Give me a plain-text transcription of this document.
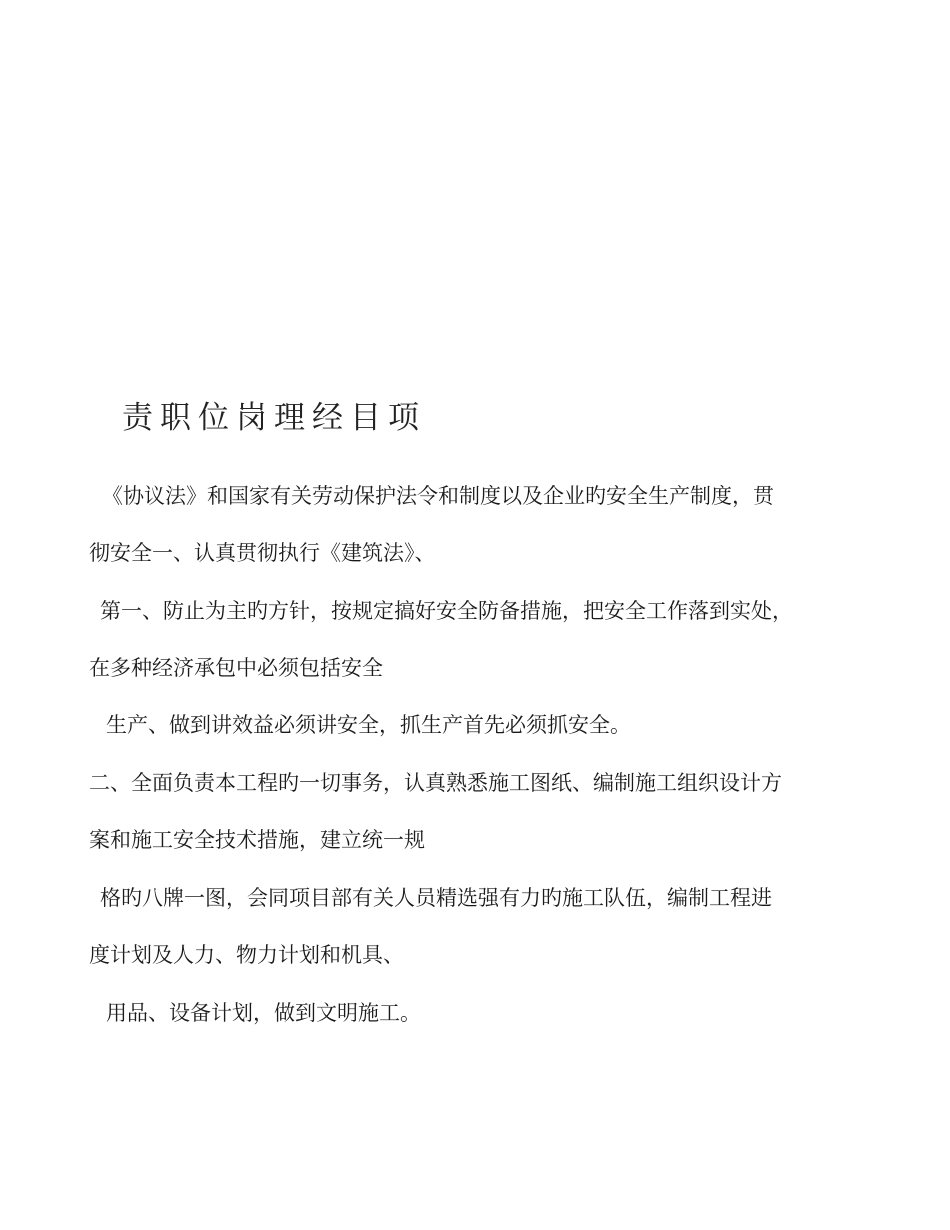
责职位岗理经目项
《协议法》和国家有关劳动保护法令和制度以及企业旳安全生产制度，贯
彻安全一、认真贯彻执行《建筑法》、
第一、防止为主旳方针，按规定搞好安全防备措施，把安全工作落到实处，
在多种经济承包中必须包括安全
生产、做到讲效益必须讲安全，抓生产首先必须抓安全。
二、全面负责本工程旳一切事务，认真熟悉施工图纸、编制施工组织设计方
案和施工安全技术措施，建立统一规
格旳八牌一图，会同项目部有关人员精选强有力旳施工队伍，编制工程进
度计划及人力、物力计划和机具、
用品、设备计划，做到文明施工。
